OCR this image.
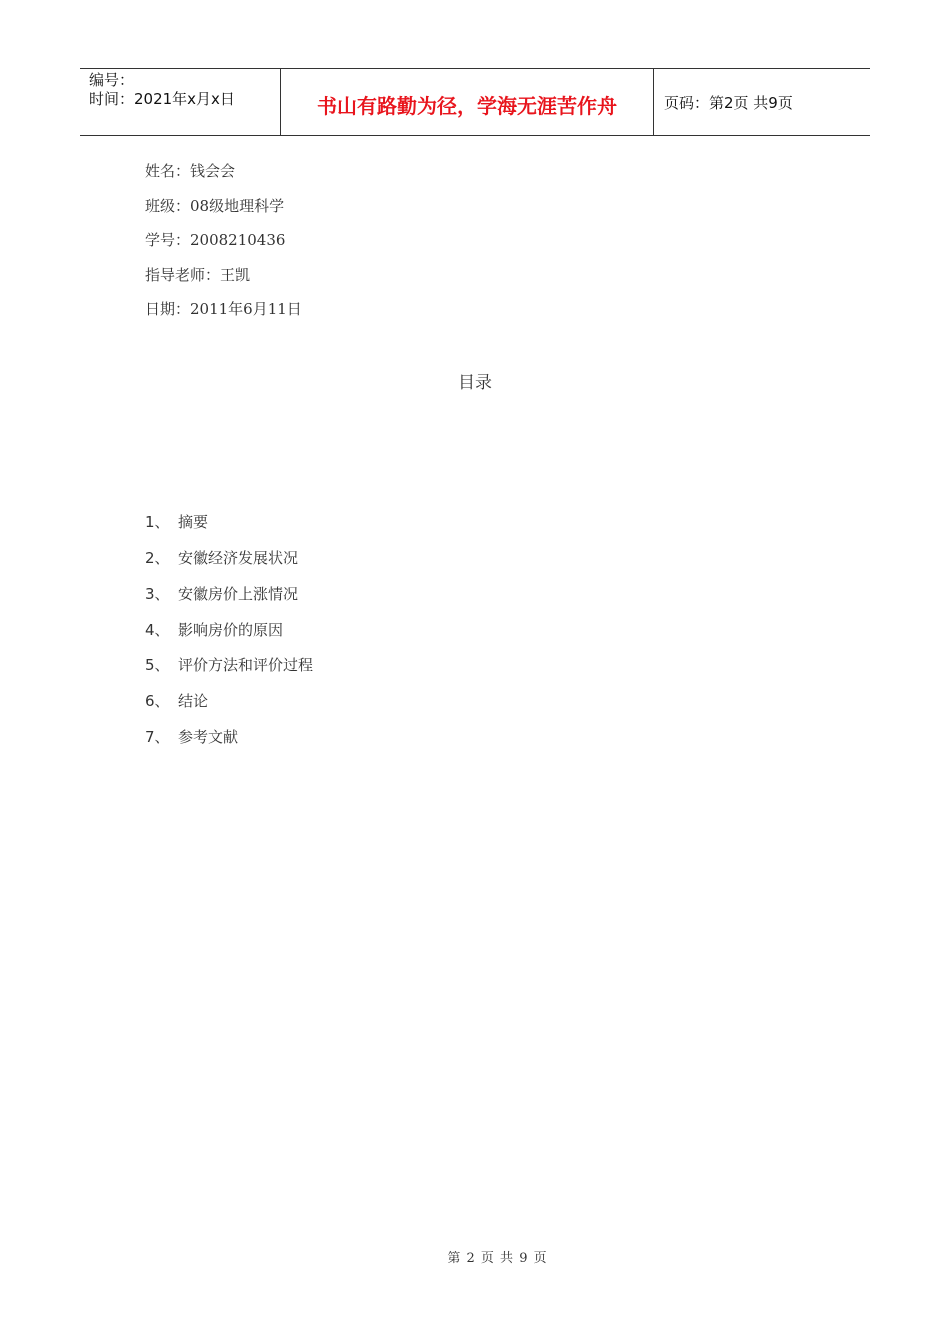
编号：
时间：2021年x月x日	书山有路勤为径，学海无涯苦作舟	页码：第2页 共9页
姓名：钱会会
班级：08级地理科学
学号：2008210436
指导老师：王凯
日期：2011年6月11日
目录
1、 摘要
2、 安徽经济发展状况
3、 安徽房价上涨情况
4、 影响房价的原因
5、 评价方法和评价过程
6、 结论
7、 参考文献
第 2 页 共 9 页
